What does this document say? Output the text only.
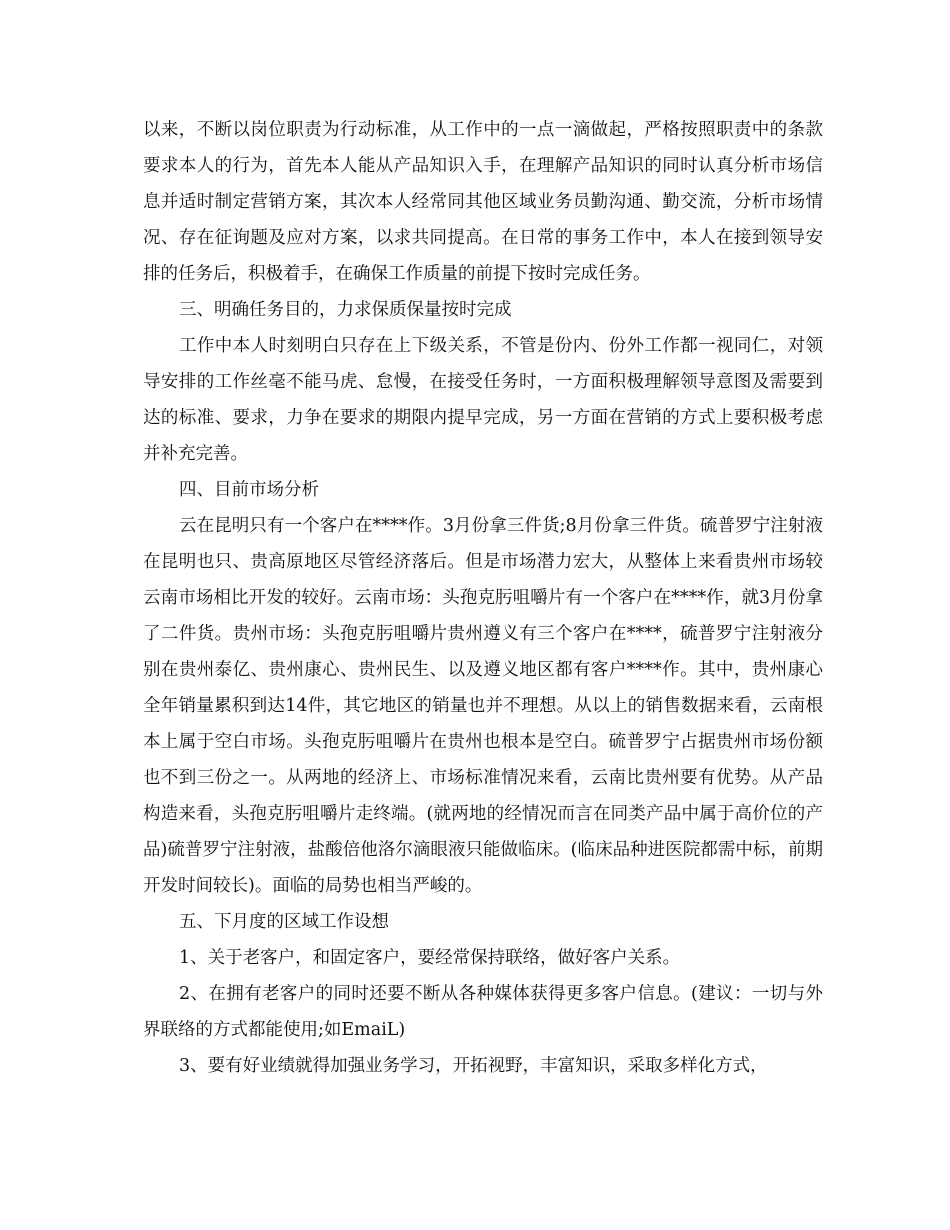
以来，不断以岗位职责为行动标准，从工作中的一点一滴做起，严格按照职责中的条款要求本人的行为，首先本人能从产品知识入手，在理解产品知识的同时认真分析市场信息并适时制定营销方案，其次本人经常同其他区域业务员勤沟通、勤交流，分析市场情况、存在征询题及应对方案，以求共同提高。在日常的事务工作中，本人在接到领导安排的任务后，积极着手，在确保工作质量的前提下按时完成任务。

三、明确任务目的，力求保质保量按时完成

工作中本人时刻明白只存在上下级关系，不管是份内、份外工作都一视同仁，对领导安排的工作丝毫不能马虎、怠慢，在接受任务时，一方面积极理解领导意图及需要到达的标准、要求，力争在要求的期限内提早完成，另一方面在营销的方式上要积极考虑并补充完善。

四、目前市场分析

云在昆明只有一个客户在****作。3月份拿三件货;8月份拿三件货。硫普罗宁注射液在昆明也只、贵高原地区尽管经济落后。但是市场潜力宏大，从整体上来看贵州市场较云南市场相比开发的较好。云南市场：头孢克肟咀嚼片有一个客户在****作，就3月份拿了二件货。贵州市场：头孢克肟咀嚼片贵州遵义有三个客户在****，硫普罗宁注射液分别在贵州泰亿、贵州康心、贵州民生、以及遵义地区都有客户****作。其中，贵州康心全年销量累积到达14件，其它地区的销量也并不理想。从以上的销售数据来看，云南根本上属于空白市场。头孢克肟咀嚼片在贵州也根本是空白。硫普罗宁占据贵州市场份额也不到三份之一。从两地的经济上、市场标准情况来看，云南比贵州要有优势。从产品构造来看，头孢克肟咀嚼片走终端。(就两地的经情况而言在同类产品中属于高价位的产品)硫普罗宁注射液，盐酸倍他洛尔滴眼液只能做临床。(临床品种进医院都需中标，前期开发时间较长)。面临的局势也相当严峻的。

五、下月度的区域工作设想

1、关于老客户，和固定客户，要经常保持联络，做好客户关系。

2、在拥有老客户的同时还要不断从各种媒体获得更多客户信息。(建议：一切与外界联络的方式都能使用;如EmaiL)

3、要有好业绩就得加强业务学习，开拓视野，丰富知识，采取多样化方式，
